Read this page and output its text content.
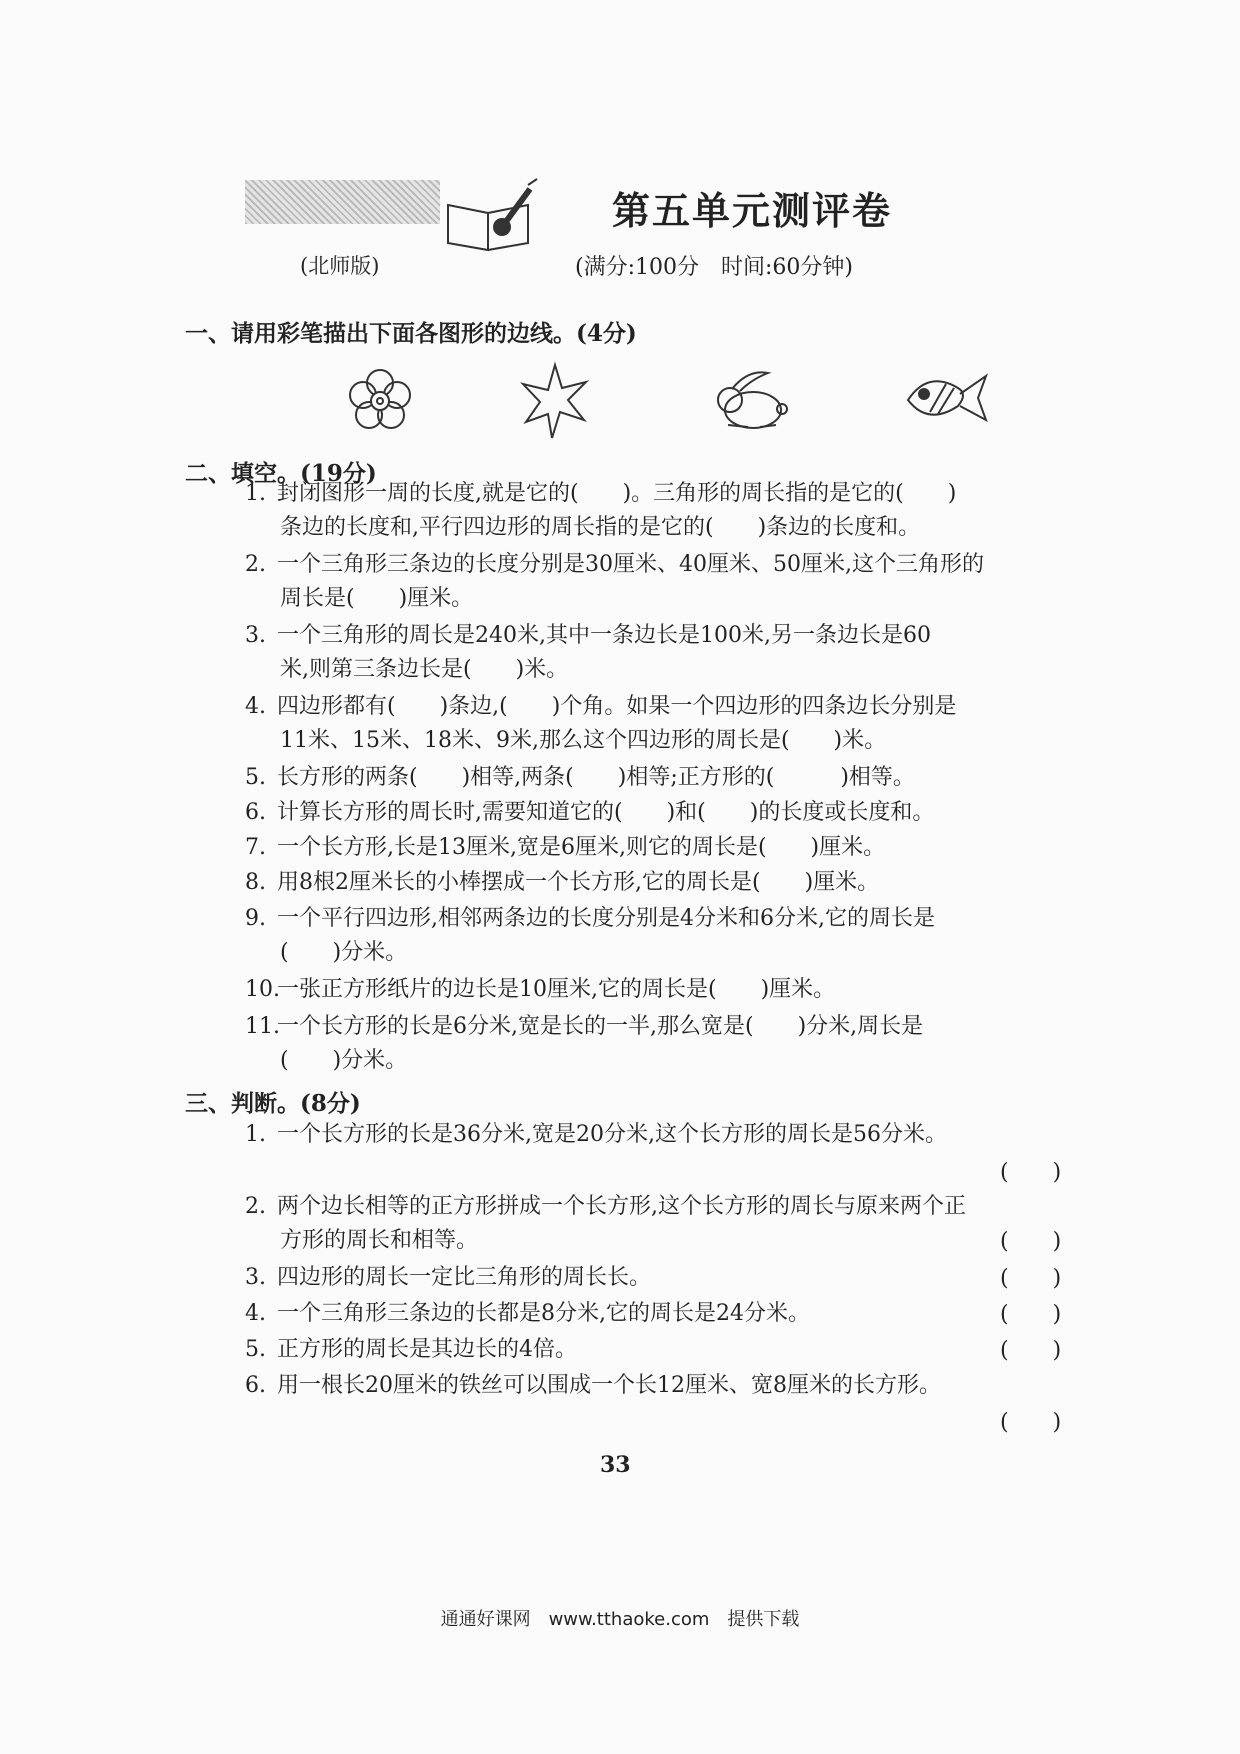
(北师版)
第五单元测评卷
(满分:100分　时间:60分钟)
一、请用彩笔描出下面各图形的边线。(4分)
二、填空。(19分)
1. 封闭图形一周的长度,就是它的(　　)。三角形的周长指的是它的(　　)
条边的长度和,平行四边形的周长指的是它的(　　)条边的长度和。
2. 一个三角形三条边的长度分别是30厘米、40厘米、50厘米,这个三角形的
周长是(　　)厘米。
3. 一个三角形的周长是240米,其中一条边长是100米,另一条边长是60
米,则第三条边长是(　　)米。
4. 四边形都有(　　)条边,(　　)个角。如果一个四边形的四条边长分别是
11米、15米、18米、9米,那么这个四边形的周长是(　　)米。
5. 长方形的两条(　　)相等,两条(　　)相等;正方形的(　　　)相等。
6. 计算长方形的周长时,需要知道它的(　　)和(　　)的长度或长度和。
7. 一个长方形,长是13厘米,宽是6厘米,则它的周长是(　　)厘米。
8. 用8根2厘米长的小棒摆成一个长方形,它的周长是(　　)厘米。
9. 一个平行四边形,相邻两条边的长度分别是4分米和6分米,它的周长是
(　　)分米。
10.一张正方形纸片的边长是10厘米,它的周长是(　　)厘米。
11.一个长方形的长是6分米,宽是长的一半,那么宽是(　　)分米,周长是
(　　)分米。
三、判断。(8分)
1. 一个长方形的长是36分米,宽是20分米,这个长方形的周长是56分米。
(　　)
2. 两个边长相等的正方形拼成一个长方形,这个长方形的周长与原来两个正
方形的周长和相等。	(　　)
3. 四边形的周长一定比三角形的周长长。	(　　)
4. 一个三角形三条边的长都是8分米,它的周长是24分米。	(　　)
5. 正方形的周长是其边长的4倍。	(　　)
6. 用一根长20厘米的铁丝可以围成一个长12厘米、宽8厘米的长方形。
(　　)
33
通通好课网　www.tthaoke.com　提供下载
